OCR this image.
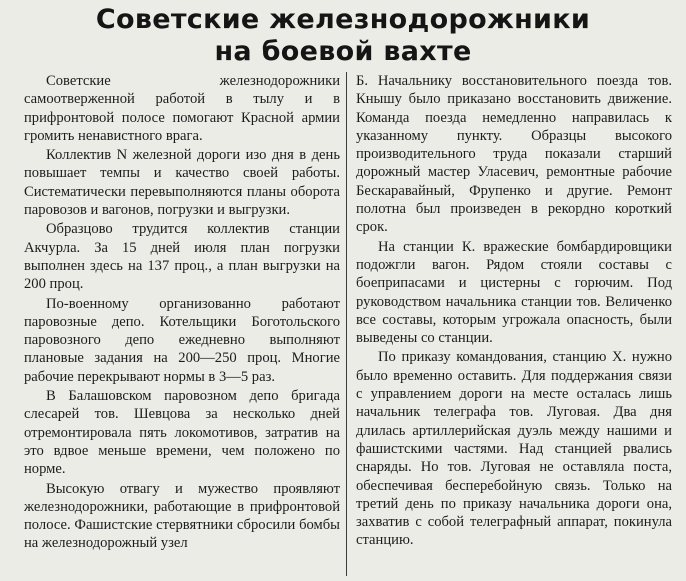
Советские железнодорожники
на боевой вахте

Советские железнодорожники самоотверженной работой в тылу и в прифронтовой полосе помогают Красной армии громить ненавистного врага.

Коллектив N железной дороги изо дня в день повышает темпы и качество своей работы. Систематически перевыполняются планы оборота паровозов и вагонов, погрузки и выгрузки.

Образцово трудится коллектив станции Акчурла. За 15 дней июля план погрузки выполнен здесь на 137 проц., а план выгрузки на 200 проц.

По-военному организованно работают паровозные депо. Котельщики Боготольского паровозного депо ежедневно выполняют плановые задания на 200—250 проц. Многие рабочие перекрывают нормы в 3—5 раз.

В Балашовском паровозном депо бригада слесарей тов. Шевцова за несколько дней отремонтировала пять локомотивов, затратив на это вдвое меньше времени, чем положено по норме.

Высокую отвагу и мужество проявляют железнодорожники, работающие в прифронтовой полосе. Фашистские стервятники сбросили бомбы на железнодорожный узел

Б. Начальнику восстановительного поезда тов. Кнышу было приказано восстановить движение. Команда поезда немедленно направилась к указанному пункту. Образцы высокого производительного труда показали старший дорожный мастер Уласевич, ремонтные рабочие Бескаравайный, Фрупенко и другие. Ремонт полотна был произведен в рекордно короткий срок.

На станции К. вражеские бомбардировщики подожгли вагон. Рядом стояли составы с боеприпасами и цистерны с горючим. Под руководством начальника станции тов. Величенко все составы, которым угрожала опасность, были выведены со станции.

По приказу командования, станцию Х. нужно было временно оставить. Для поддержания связи с управлением дороги на месте осталась лишь начальник телеграфа тов. Луговая. Два дня длилась артиллерийская дуэль между нашими и фашистскими частями. Над станцией рвались снаряды. Но тов. Луговая не оставляла поста, обеспечивая бесперебойную связь. Только на третий день по приказу начальника дороги она, захватив с собой телеграфный аппарат, покинула станцию.
